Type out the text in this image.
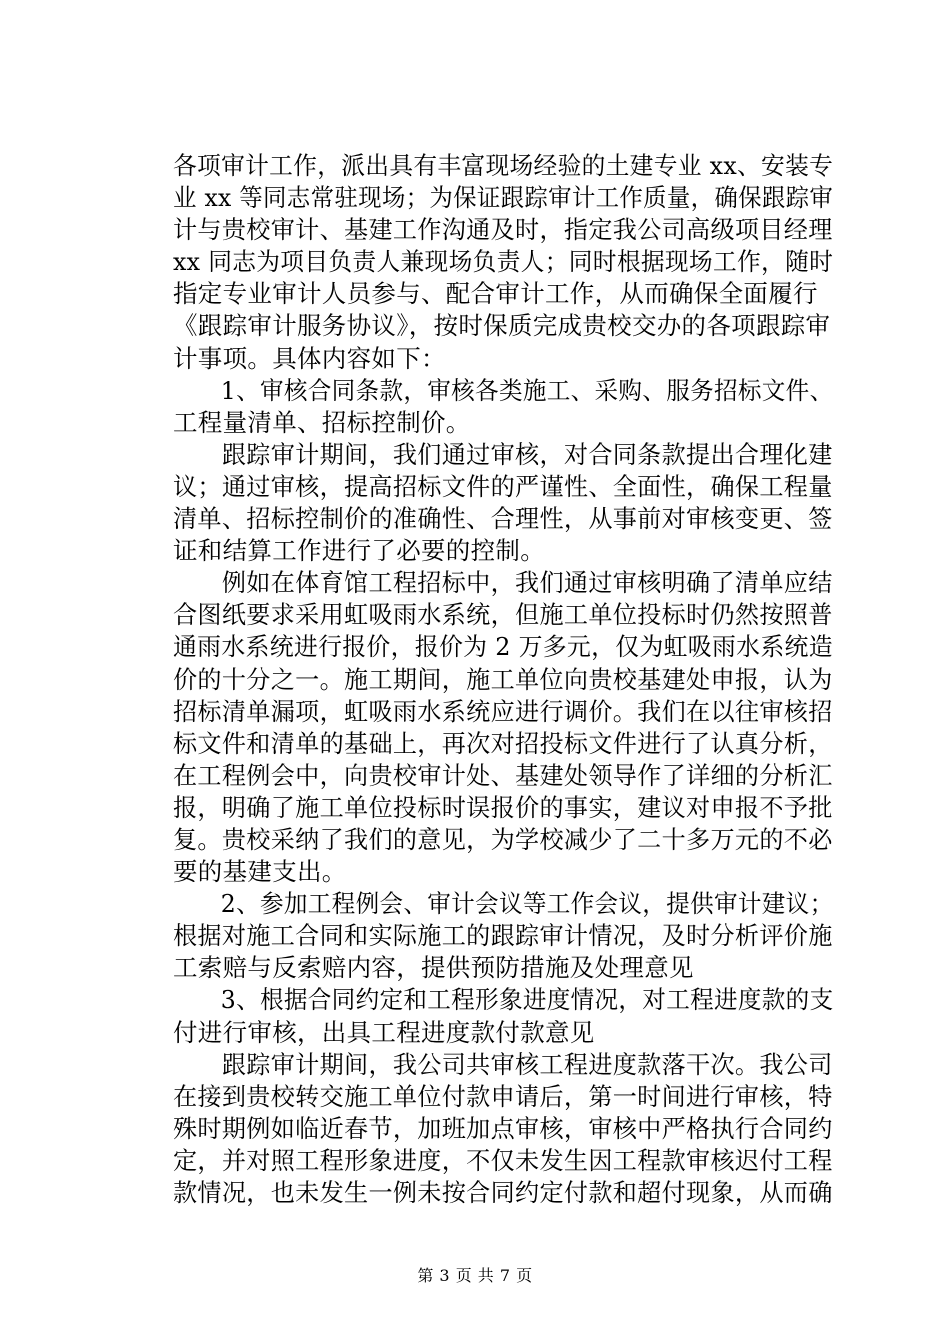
各项审计工作，派出具有丰富现场经验的土建专业 xx、安装专
业 xx 等同志常驻现场；为保证跟踪审计工作质量，确保跟踪审
计与贵校审计、基建工作沟通及时，指定我公司高级项目经理
xx 同志为项目负责人兼现场负责人；同时根据现场工作，随时
指定专业审计人员参与、配合审计工作，从而确保全面履行
《跟踪审计服务协议》，按时保质完成贵校交办的各项跟踪审
计事项。具体内容如下：
　　1、审核合同条款，审核各类施工、采购、服务招标文件、
工程量清单、招标控制价。
　　跟踪审计期间，我们通过审核，对合同条款提出合理化建
议；通过审核，提高招标文件的严谨性、全面性，确保工程量
清单、招标控制价的准确性、合理性，从事前对审核变更、签
证和结算工作进行了必要的控制。
　　例如在体育馆工程招标中，我们通过审核明确了清单应结
合图纸要求采用虹吸雨水系统，但施工单位投标时仍然按照普
通雨水系统进行报价，报价为 2 万多元，仅为虹吸雨水系统造
价的十分之一。施工期间，施工单位向贵校基建处申报，认为
招标清单漏项，虹吸雨水系统应进行调价。我们在以往审核招
标文件和清单的基础上，再次对招投标文件进行了认真分析，
在工程例会中，向贵校审计处、基建处领导作了详细的分析汇
报，明确了施工单位投标时误报价的事实，建议对申报不予批
复。贵校采纳了我们的意见，为学校减少了二十多万元的不必
要的基建支出。
　　2、参加工程例会、审计会议等工作会议，提供审计建议；
根据对施工合同和实际施工的跟踪审计情况，及时分析评价施
工索赔与反索赔内容，提供预防措施及处理意见
　　3、根据合同约定和工程形象进度情况，对工程进度款的支
付进行审核，出具工程进度款付款意见
　　跟踪审计期间，我公司共审核工程进度款落干次。我公司
在接到贵校转交施工单位付款申请后，第一时间进行审核，特
殊时期例如临近春节，加班加点审核，审核中严格执行合同约
定，并对照工程形象进度，不仅未发生因工程款审核迟付工程
款情况，也未发生一例未按合同约定付款和超付现象，从而确

第 3 页 共 7 页
